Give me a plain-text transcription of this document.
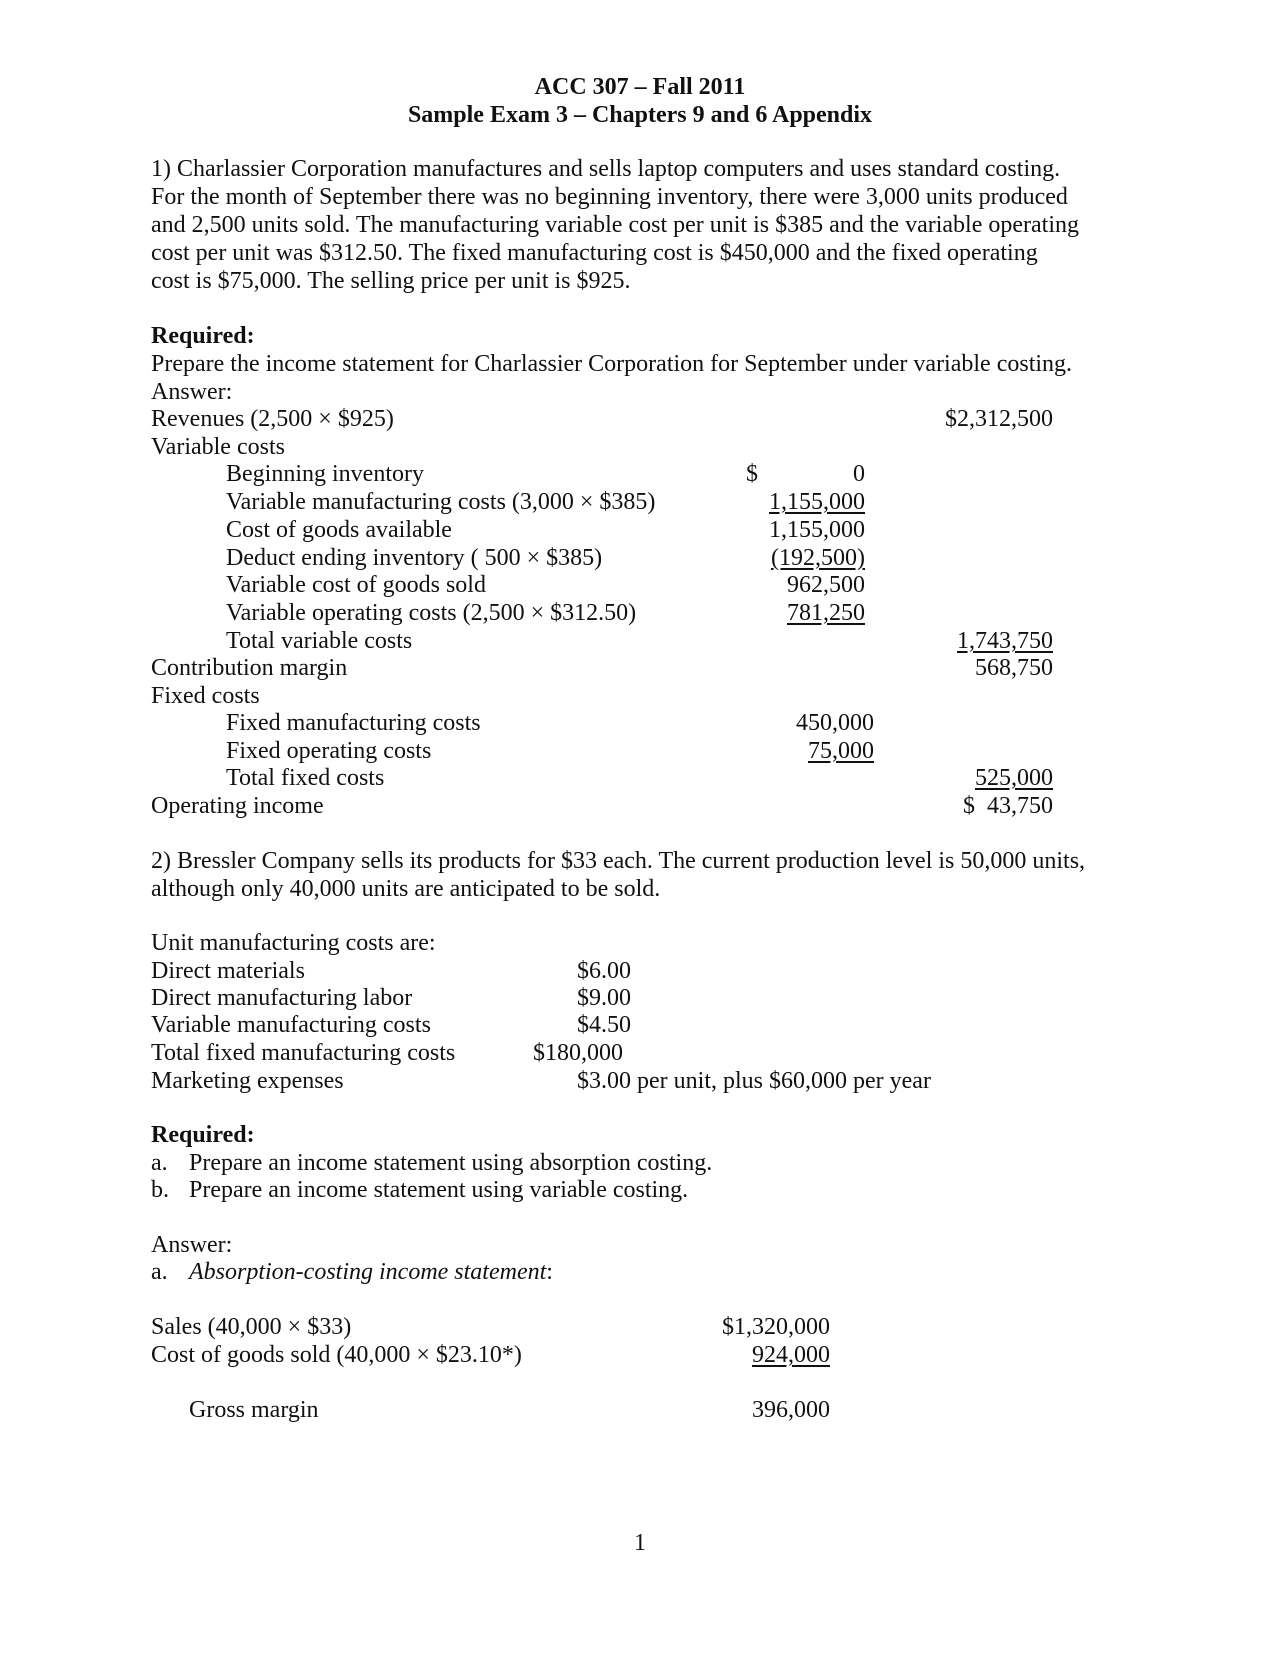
ACC 307 – Fall 2011
Sample Exam 3 – Chapters 9 and 6 Appendix
1) Charlassier Corporation manufactures and sells laptop computers and uses standard costing.
For the month of September there was no beginning inventory, there were 3,000 units produced
and 2,500 units sold. The manufacturing variable cost per unit is $385 and the variable operating
cost per unit was $312.50. The fixed manufacturing cost is $450,000 and the fixed operating
cost is $75,000. The selling price per unit is $925.
Required:
Prepare the income statement for Charlassier Corporation for September under variable costing.
Answer:
Revenues (2,500 × $925)	$2,312,500
Variable costs
Beginning inventory	$	0
Variable manufacturing costs (3,000 × $385)	1,155,000
Cost of goods available	1,155,000
Deduct ending inventory ( 500 × $385)	(192,500)
Variable cost of goods sold	962,500
Variable operating costs (2,500 × $312.50)	781,250
Total variable costs	1,743,750
Contribution margin	568,750
Fixed costs
Fixed manufacturing costs	450,000
Fixed operating costs	75,000
Total fixed costs	525,000
Operating income	$  43,750
2) Bressler Company sells its products for $33 each. The current production level is 50,000 units,
although only 40,000 units are anticipated to be sold.
Unit manufacturing costs are:
Direct materials	$6.00
Direct manufacturing labor	$9.00
Variable manufacturing costs	$4.50
Total fixed manufacturing costs	$180,000
Marketing expenses	$3.00 per unit, plus $60,000 per year
Required:
a. Prepare an income statement using absorption costing.
b. Prepare an income statement using variable costing.
Answer:
a. Absorption-costing income statement:
Sales (40,000 × $33)	$1,320,000
Cost of goods sold (40,000 × $23.10*)	924,000
Gross margin	396,000
1
